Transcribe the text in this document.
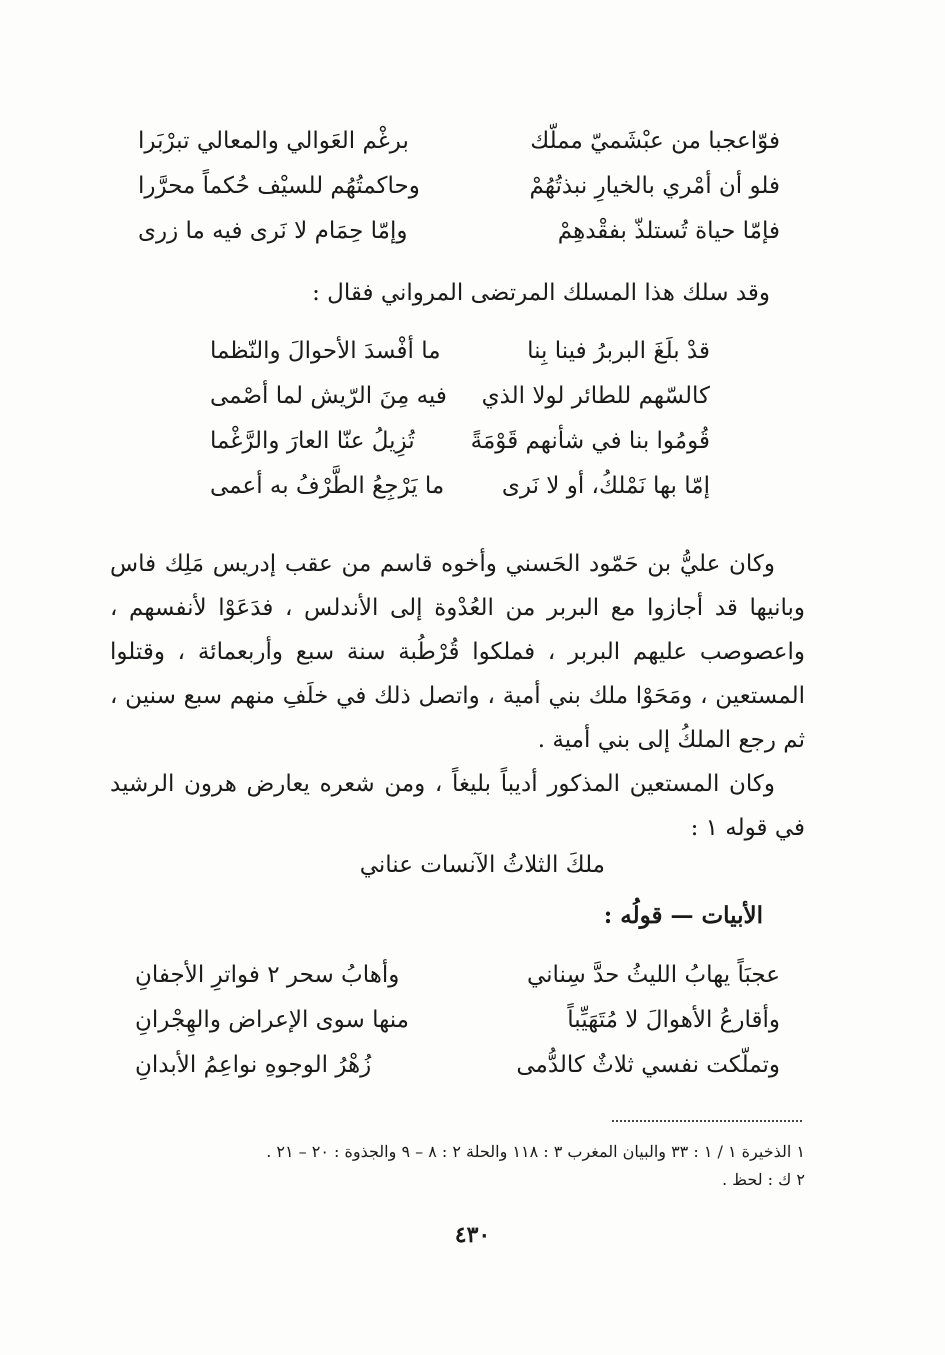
فوّاعجبا من عبْشَميّ مملّك
برغْم العَوالي والمعالي تبرْبَرا
فلو أن أمْري بالخيارِ نبذتُهُمْ
وحاكمتُهُم للسيْف حُكماً محرَّرا
فإمّا حياة تُستلذّ بفقْدهِمْ
وإمّا حِمَام لا نَرى فيه ما زرى
وقد سلك هذا المسلك المرتضى المرواني فقال :
قدْ بلَغَ البربرُ فينا بِنا
ما أفْسدَ الأحوالَ والنّظما
كالسّهم للطائر لولا الذي
فيه مِنَ الرّيش لما أصْمى
قُومُوا بنا في شأنهم قَوْمَةً
تُزِيلُ عنّا العارَ والرَّغْما
إمّا بها نَمْلكُ، أو لا نَرى
ما يَرْجِعُ الطَّرْفُ به أعمى
وكان عليُّ بن حَمّود الحَسني وأخوه قاسم من عقب إدريس مَلِك فاس
وبانيها قد أجازوا مع البربر من العُدْوة إلى الأندلس ، فدَعَوْا لأنفسهم ،
واعصوصب عليهم البربر ، فملكوا قُرْطُبة سنة سبع وأربعمائة ، وقتلوا
المستعين ، ومَحَوْا ملك بني أمية ، واتصل ذلك في خلَفِ منهم سبع سنين ،
ثم رجع الملكُ إلى بني أمية .
وكان المستعين المذكور أديباً بليغاً ، ومن شعره يعارض هرون الرشيد
في قوله ١ :
ملكَ الثلاثُ الآنسات عناني
الأبيات — قولُه :
عجبَاً يهابُ الليثُ حدَّ سِناني
وأهابُ سحر ٢ فواترِ الأجفانِ
وأقارعُ الأهوالَ لا مُتَهَيِّباً
منها سوى الإعراض والهِجْرانِ
وتملّكت نفسي ثلاثٌ كالدُّمى
زُهْرُ الوجوهِ نواعِمُ الأبدانِ
١ الذخيرة ١ / ١ : ٣٣ والبيان المغرب ٣ : ١١٨ والحلة ٢ : ٨ – ٩ والجذوة : ٢٠ – ٢١ .
٢ ك : لحظ .
٤٣٠
